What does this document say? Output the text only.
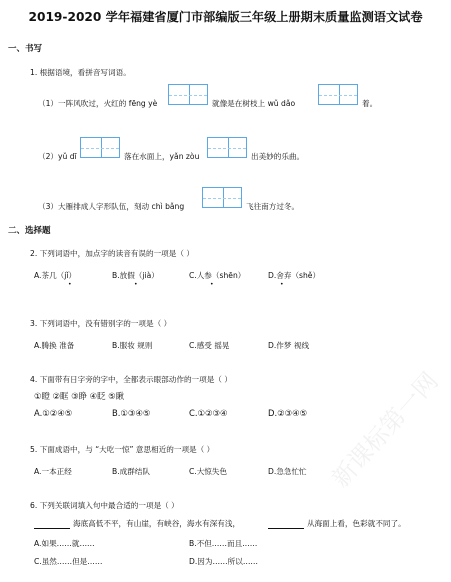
2019-2020 学年福建省厦门市部编版三年级上册期末质量监测语文试卷
一、书写
1. 根据语境，看拼音写词语。
（1）一阵风吹过，火红的 fēng yè	就像是在树枝上 wǔ dǎo	着。
（2）yǔ dī	落在水面上，yǎn zòu	出美妙的乐曲。
（3）大雁排成人字形队伍，刻动 chì bǎng	飞往南方过冬。
二、选择题
2. 下列词语中，加点字的读音有误的一项是（ ）
A.茶几（jǐ）	B.放假（jià）	C.人参（shēn）	D.舍弃（shě）
•	•	•	•
3. 下列词语中，没有错别字的一项是（ ）
A.腾换 准备	B.服妆 规则	C.感受 摇晃	D.作梦 视线
4. 下面带有日字旁的字中，全都表示眼部动作的一项是（ ）
①瞪 ②眶 ③睁 ④眨 ⑤瞅
A.①②④⑤	B.①③④⑤	C.①②③④	D.②③④⑤
5. 下面成语中，与 “大吃一惊” 意思相近的一项是（ ）
A.一本正经	B.成群结队	C.大惊失色	D.急急忙忙
6. 下列关联词填入句中最合适的一项是（ ）
海底高低不平，有山崖，有峡谷，海水有深有浅，	从海面上看，色彩就不同了。
A.如果……就……	B.不但……而且……
C.虽然……但是……	D.因为……所以……
新课标第一网
